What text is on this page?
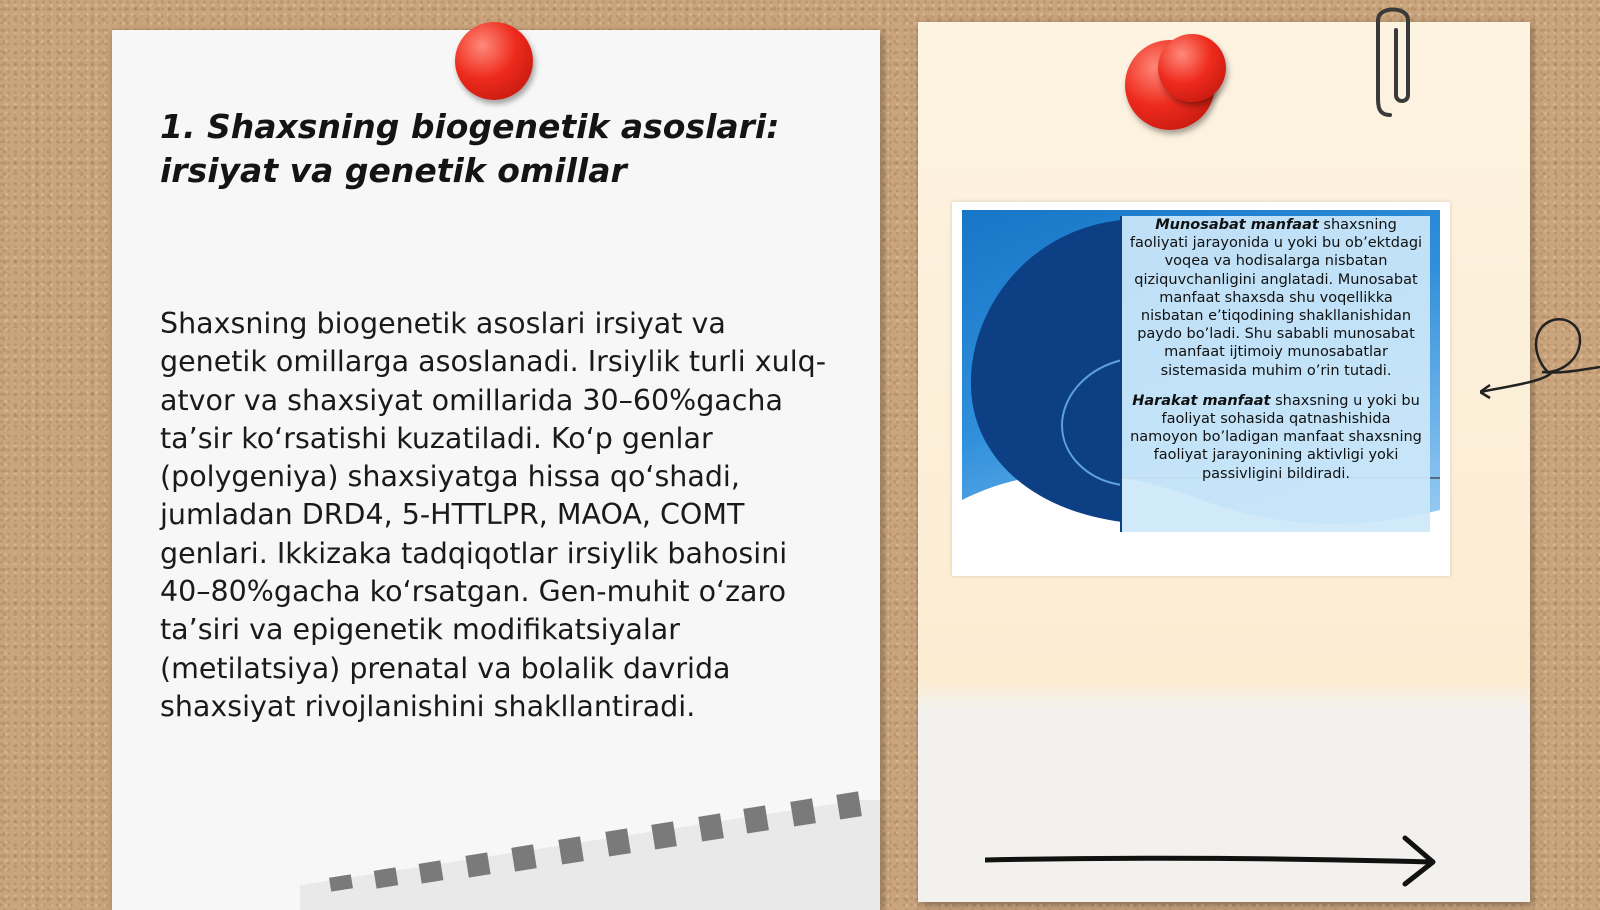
1. Shaxsning biogenetik asoslari:
irsiyat va genetik omillar

Shaxsning biogenetik asoslari irsiyat va genetik omillarga asoslanadi. Irsiylik turli xulq-atvor va shaxsiyat omillarida 30–60%gacha ta’sir ko‘rsatishi kuzatiladi. Ko‘p genlar (polygeniya) shaxsiyatga hissa qo‘shadi, jumladan DRD4, 5-HTTLPR, MAOA, COMT genlari. Ikkizaka tadqiqotlar irsiylik bahosini 40–80%gacha ko‘rsatgan. Gen-muhit o‘zaro ta’siri va epigenetik modifikatsiyalar (metilatsiya) prenatal va bolalik davrida shaxsiyat rivojlanishini shakllantiradi.

Munosabat manfaat shaxsning faoliyati jarayonida u yoki bu ob’ektdagi voqea va hodisalarga nisbatan qiziquvchanligini anglatadi. Munosabat manfaat shaxsda shu voqellikka nisbatan e’tiqodining shakllanishidan paydo bo’ladi. Shu sababli munosabat manfaat ijtimoiy munosabatlar sistemasida muhim o’rin tutadi.

Harakat manfaat shaxsning u yoki bu faoliyat sohasida qatnashishida namoyon bo’ladigan manfaat shaxsning faoliyat jarayonining aktivligi yoki passivligini bildiradi.
